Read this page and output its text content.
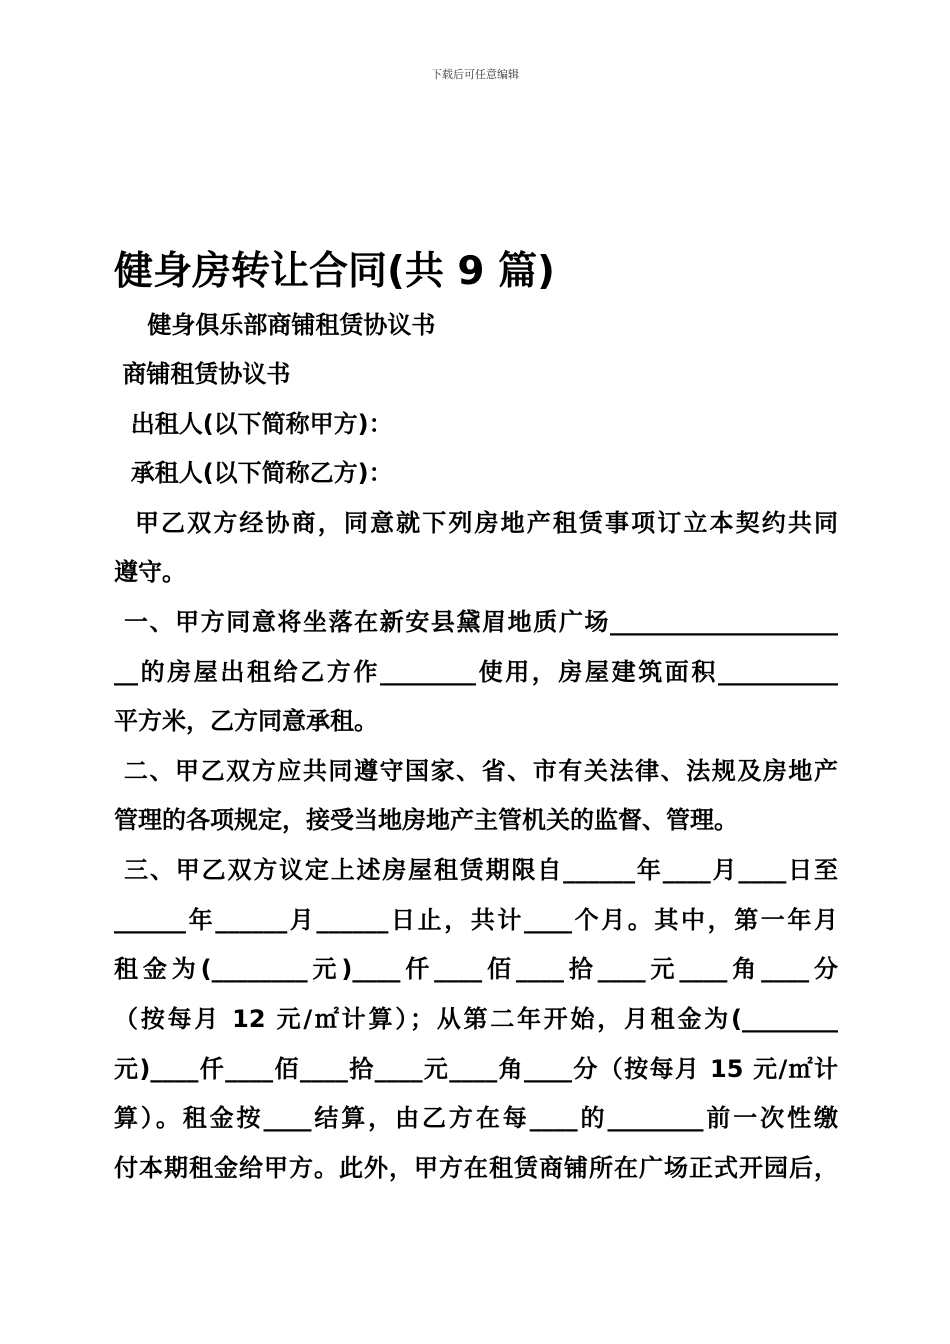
下载后可任意编辑
健身房转让合同(共 9 篇)

健身俱乐部商铺租赁协议书

商铺租赁协议书

出租人(以下简称甲方)：

承租人(以下简称乙方)：

甲乙双方经协商，同意就下列房地产租赁事项订立本契约共同

遵守。

一、甲方同意将坐落在新安县黛眉地质广场___________________

__的房屋出租给乙方作________使用，房屋建筑面积__________

平方米，乙方同意承租。

二、甲乙双方应共同遵守国家、省、市有关法律、法规及房地产

管理的各项规定，接受当地房地产主管机关的监督、管理。

三、甲乙双方议定上述房屋租赁期限自______年____月____日至

______年______月______日止，共计____个月。其中，第一年月

租金为(________元)____仟____佰____拾____元____角____分

（按每月 12 元/㎡计算）；从第二年开始，月租金为(________

元)____仟____佰____拾____元____角____分（按每月 15 元/㎡计

算）。租金按____结算，由乙方在每____的________前一次性缴

付本期租金给甲方。此外，甲方在租赁商铺所在广场正式开园后，
